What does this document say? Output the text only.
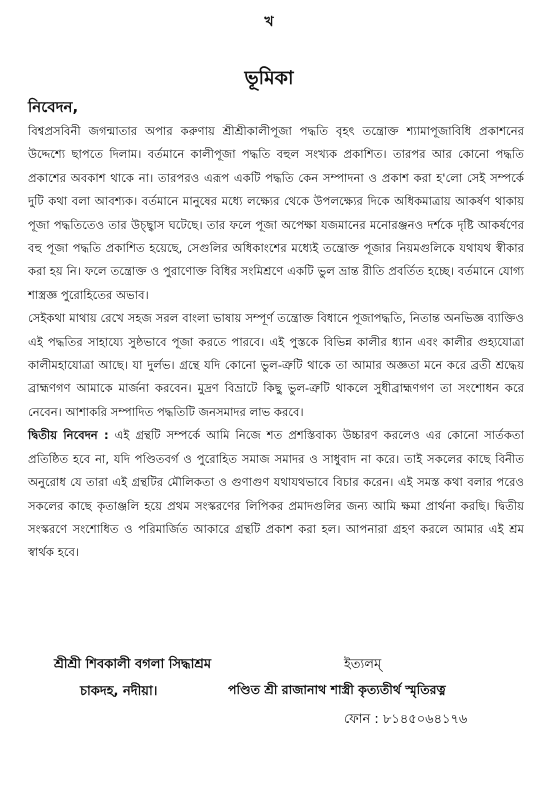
খ
ভূমিকা
নিবেদন,

বিশ্বপ্রসবিনী জগন্মাতার অপার করুণায় শ্রীশ্রীকালীপূজা পদ্ধতি বৃহৎ তন্ত্রোক্ত শ্যামাপূজাবিধি প্রকাশনের উদ্দেশ্যে ছাপতে দিলাম। বর্তমানে কালীপূজা পদ্ধতি বহুল সংখ্যক প্রকাশিত। তারপর আর কোনো পদ্ধতি প্রকাশের অবকাশ থাকে না। তারপরও এরূপ একটি পদ্ধতি কেন সম্পাদনা ও প্রকাশ করা হ'লো সেই সম্পর্কে দুটি কথা বলা আবশ্যক। বর্তমানে মানুষের মধ্যে লক্ষ্যের থেকে উপলক্ষ্যের দিকে অধিকমাত্রায় আকর্ষণ থাকায় পূজা পদ্ধতিতেও তার উচ্ছ্বাস ঘটেছে। তার ফলে পূজা অপেক্ষা যজমানের মনোরঞ্জনও দর্শকে দৃষ্টি আকর্ষণের বহু পূজা পদ্ধতি প্রকাশিত হয়েছে, সেগুলির অধিকাংশের মধ্যেই তন্ত্রোক্ত পূজার নিয়মগুলিকে যথাযথ স্বীকার করা হয় নি। ফলে তন্ত্রোক্ত ও পুরাণোক্ত বিধির সংমিশ্রণে একটি ভুল ভ্রান্ত রীতি প্রবর্তিত হচ্ছে। বর্তমানে যোগ্য শাস্ত্রজ্ঞ পুরোহিতের অভাব।

সেইকথা মাথায় রেখে সহজ সরল বাংলা ভাষায় সম্পূর্ণ তন্ত্রোক্ত বিধানে পূজাপদ্ধতি, নিতান্ত অনভিজ্ঞ ব্যাক্তিও এই পদ্ধতির সাহায্যে সুষ্ঠভাবে পূজা করতে পারবে। এই পুস্তকে বিভিন্ন কালীর ধ্যান এবং কালীর গুহ্যযোত্রা কালীমহাযোত্রা আছে। যা দুর্লভ। গ্রন্থে যদি কোনো ভুল-ত্রুটি থাকে তা আমার অজ্ঞতা মনে করে ব্রতী শ্রদ্ধেয় ব্রাহ্মণগণ আমাকে মার্জনা করবেন। মুদ্রণ বিভ্রাটে কিছু ভুল-ত্রুটি থাকলে সুধীব্রাহ্মণগণ তা সংশোধন করে নেবেন। আশাকরি সম্পাদিত পদ্ধতিটি জনসমাদর লাভ করবে।

দ্বিতীয় নিবেদন : এই গ্রন্থটি সম্পর্কে আমি নিজে শত প্রশস্তিবাক্য উচ্চারণ করলেও এর কোনো সার্তকতা প্রতিষ্ঠিত হবে না, যদি পণ্ডিতবর্গ ও পুরোহিত সমাজ সমাদর ও সাধুবাদ না করে। তাই সকলের কাছে বিনীত অনুরোধ যে তারা এই গ্রন্থটির মৌলিকতা ও গুণাগুণ যথাযথভাবে বিচার করেন। এই সমস্ত কথা বলার পরেও সকলের কাছে কৃতাঞ্জলি হয়ে প্রথম সংস্করণের লিপিকর প্রমাদগুলির জন্য আমি ক্ষমা প্রার্থনা করছি। দ্বিতীয় সংস্করণে সংশোধিত ও পরিমার্জিত আকারে গ্রন্থটি প্রকাশ করা হল। আপনারা গ্রহণ করলে আমার এই শ্রম স্বার্থক হবে।

শ্রীশ্রী শিবকালী বগলা সিদ্ধাশ্রম
চাকদহ, নদীয়া।
ইত্যলম্
পণ্ডিত শ্রী রাজানাথ শাস্ত্রী কৃত্যতীর্থ স্মৃতিরত্ন
ফোন : ৮১৪৫০৬৪১৭৬
